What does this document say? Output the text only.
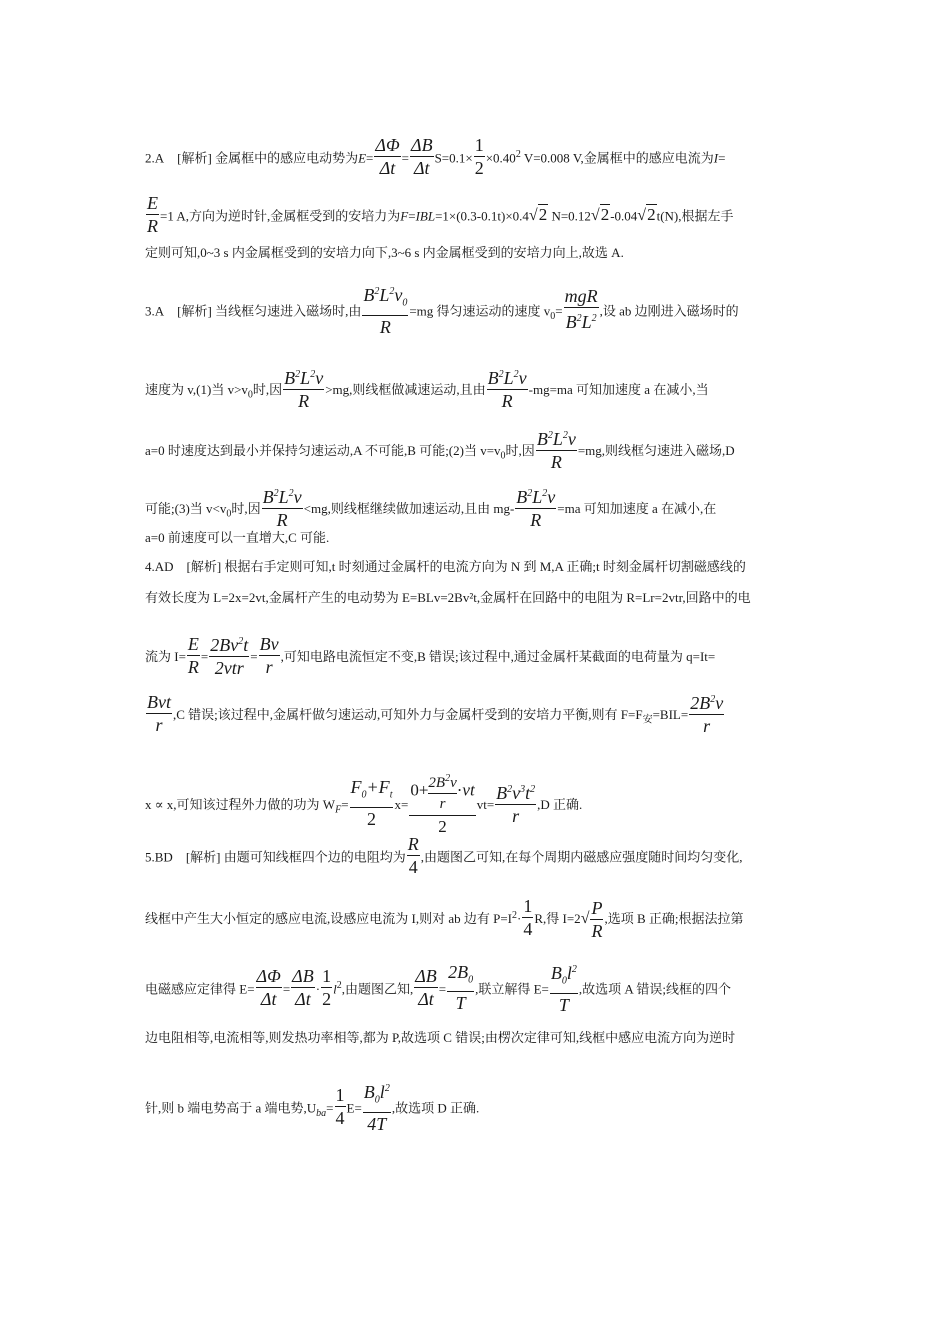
2.A [解析] 金属框中的感应电动势为$E= \frac{\Delta\Phi}{\Delta t} = \frac{\Delta B}{\Delta t} S=0.1\times \frac{1}{2} \times 0.40^2$ V=0.008 V,金属框中的感应电流为I=
$\frac{E}{R} =1$ A,方向为逆时针,金属框受到的安培力为F=IBL=1×(0.3-0.1t)×0.4√2 N=0.12√2-0.04√2t(N),根据左手
定则可知,0~3 s 内金属框受到的安培力向下,3~6 s 内金属框受到的安培力向上,故选 A.
3.A [解析] 当线框匀速进入磁场时,由 $\frac{B^2L^2v_0}{R} =mg$ 得匀速运动的速度 $v_0= \frac{\text{mgR}}{B^2L^2}$ ,设 ab 边刚进入磁场时的
速度为 v,(1)当 $v>v_0$时,因 $\frac{B^2L^2v}{R} >mg$,则线框做减速运动,且由 $\frac{B^2L^2v}{R} -mg=ma$ 可知加速度 a 在减小,当
a=0 时速度达到最小并保持匀速运动,A 不可能,B 可能;(2)当 $v=v_0$时,因 $\frac{B^2L^2v}{R} =mg$,则线框匀速进入磁场,D
可能;(3)当 $v<v_0$时,因 $\frac{B^2L^2v}{R} <mg$,则线框继续做加速运动,且由 $mg- \frac{B^2L^2v}{R} =ma$ 可知加速度 a 在减小,在
a=0 前速度可以一直增大,C 可能.
4.AD [解析] 根据右手定则可知,t 时刻通过金属杆的电流方向为 N 到 M,A 正确;t 时刻金属杆切割磁感线的
有效长度为 L=2x=2vt,金属杆产生的电动势为 E=BLv=2Bv²t,金属杆在回路中的电阻为 R=Lr=2vtr,回路中的电
流为 $I= \frac{E}{R} = \frac{2Bv^2t}{\text{2vtr}} = \frac{Bv}{r}$ ,可知电路电流恒定不变,B 错误;该过程中,通过金属杆某截面的电荷量为 q=It=
$\frac{\text{Bvt}}{r} ,C$ 错误;该过程中,金属杆做匀速运动,可知外力与金属杆受到的安培力平衡,则有 $F=F_安=BIL= \frac{2B^2v}{r}$
x ∝ x,可知该过程外力做的功为 $W_F= \frac{F_0+F_t}{2} x= \frac{0+ \frac{2B^2v}{r} \cdot vt}{2} vt= \frac{B^2v^3t^2}{r} ,D$ 正确.
5.BD [解析] 由题可知线框四个边的电阻均为 $\frac{R}{4}$ ,由题图乙可知,在每个周期内磁感应强度随时间均匀变化,
线框中产生大小恒定的感应电流,设感应电流为 I,则对 ab 边有 $P=I^2\cdot \frac{1}{4} R$,得 $I=2√ \frac{P}{R}$ ,选项 B 正确;根据法拉第
电磁感应定律得 $E= \frac{\Delta\Phi}{\Delta t} = \frac{\Delta B}{\Delta t} \cdot \frac{1}{2} l^2$,由题图乙知, $\frac{\Delta B}{\Delta t} = \frac{2B_0}{T}$ ,联立解得 $E= \frac{B_0l^2}{T}$ ,故选项 A 错误;线框的四个
边电阻相等,电流相等,则发热功率相等,都为 P,故选项 C 错误;由楞次定律可知,线框中感应电流方向为逆时
针,则 b 端电势高于 a 端电势$,U_{ba}= \frac{1}{4} E= \frac{B_0l^2}{4T}$ ,故选项 D 正确.
